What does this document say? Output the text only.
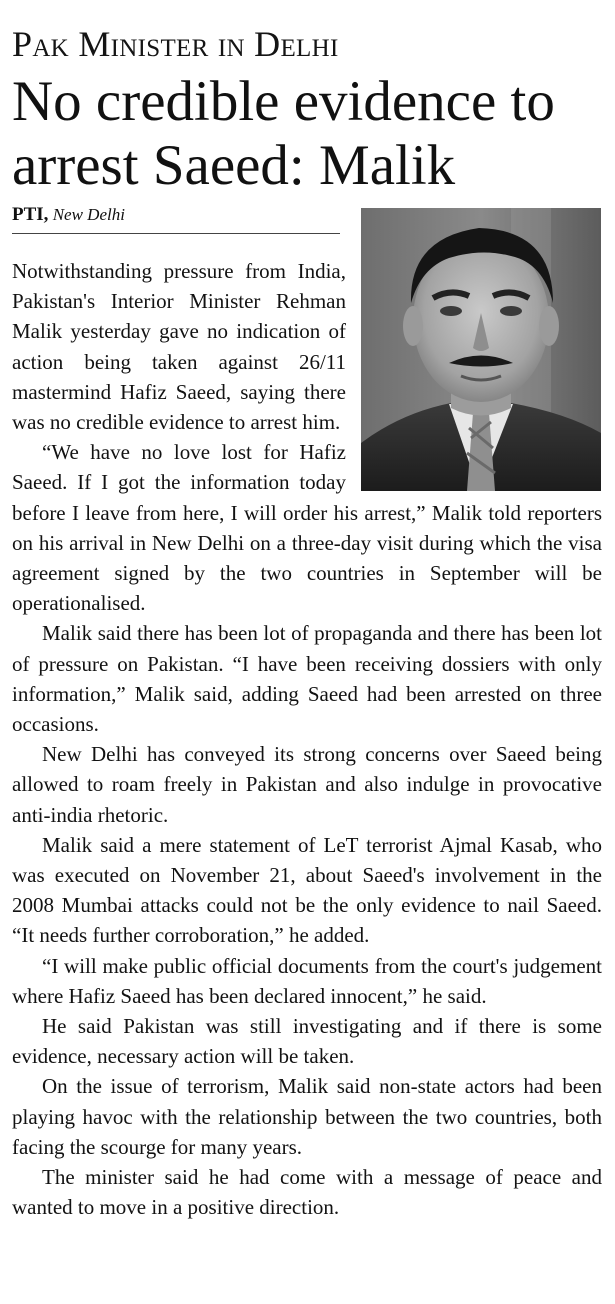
Pak Minister in Delhi
No credible evidence to arrest Saeed: Malik
PTI, New Delhi

Notwithstanding pressure from India, Pakistan's Interior Minister Rehman Malik yesterday gave no indication of action being taken against 26/11 mastermind Hafiz Saeed, saying there was no credible evidence to arrest him.

“We have no love lost for Hafiz Saeed. If I got the information today before I leave from here, I will order his arrest,” Malik told reporters on his arrival in New Delhi on a three-day visit during which the visa agreement signed by the two countries in September will be operationalised.

Malik said there has been lot of propaganda and there has been lot of pressure on Pakistan. “I have been receiving dossiers with only information,” Malik said, adding Saeed had been arrested on three occasions.

New Delhi has conveyed its strong concerns over Saeed being allowed to roam freely in Pakistan and also indulge in provocative anti-india rhetoric.

Malik said a mere statement of LeT terrorist Ajmal Kasab, who was executed on November 21, about Saeed's involvement in the 2008 Mumbai attacks could not be the only evidence to nail Saeed. “It needs further corroboration,” he added.

“I will make public official documents from the court's judgement where Hafiz Saeed has been declared innocent,” he said.

He said Pakistan was still investigating and if there is some evidence, necessary action will be taken.

On the issue of terrorism, Malik said non-state actors had been playing havoc with the relationship between the two countries, both facing the scourge for many years.

The minister said he had come with a message of peace and wanted to move in a positive direction.
